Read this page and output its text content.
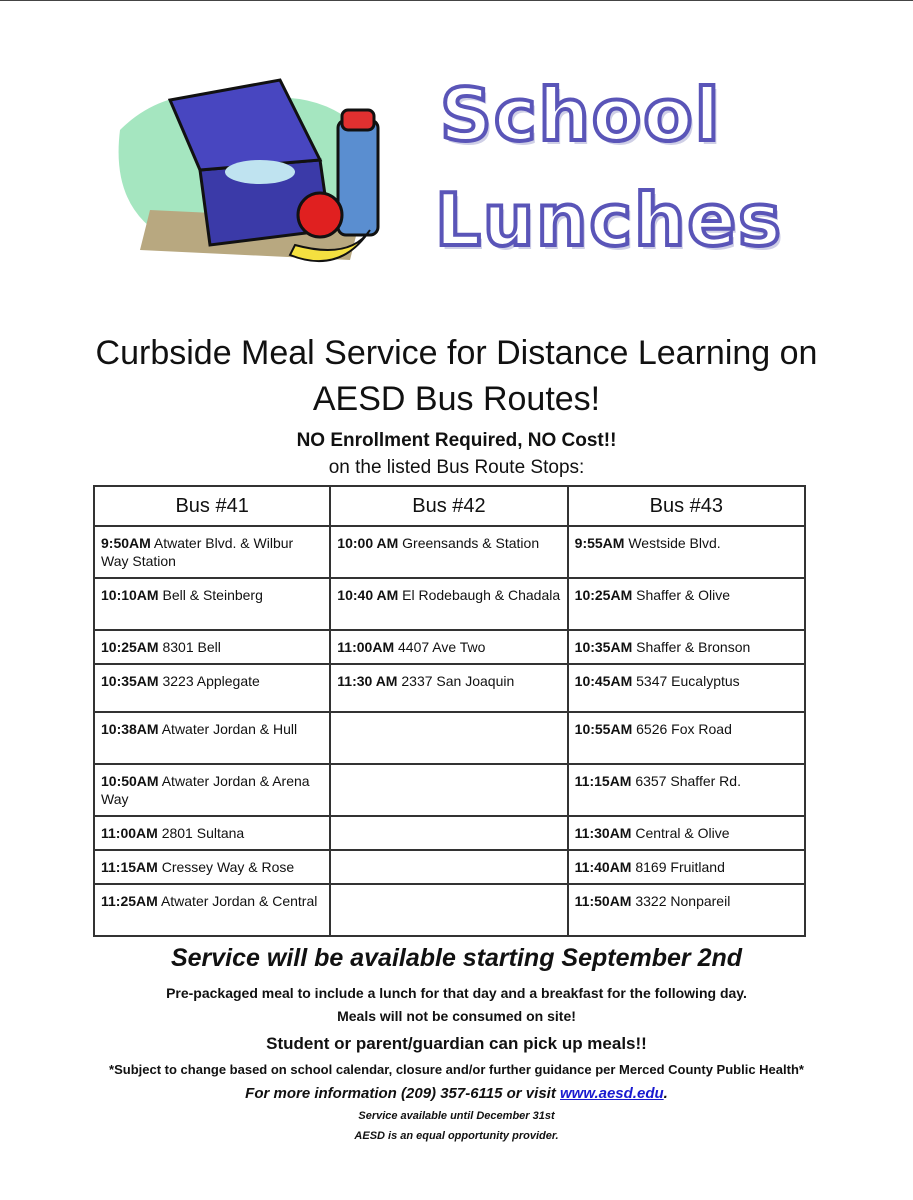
School
Lunches
Curbside Meal Service for Distance Learning on
AESD Bus Routes!
NO Enrollment Required, NO Cost!!
on the listed Bus Route Stops:
Bus #41	Bus #42	Bus #43
9:50AM Atwater Blvd. & Wilbur Way Station	10:00 AM Greensands & Station	9:55AM Westside Blvd.
10:10AM Bell & Steinberg	10:40 AM El Rodebaugh & Chadala	10:25AM Shaffer & Olive
10:25AM 8301 Bell	11:00AM 4407 Ave Two	10:35AM Shaffer & Bronson
10:35AM 3223 Applegate	11:30 AM 2337 San Joaquin	10:45AM 5347 Eucalyptus
10:38AM Atwater Jordan & Hull		10:55AM 6526 Fox Road
10:50AM Atwater Jordan & Arena Way		11:15AM 6357 Shaffer Rd.
11:00AM 2801 Sultana		11:30AM Central & Olive
11:15AM Cressey Way & Rose		11:40AM 8169 Fruitland
11:25AM Atwater Jordan & Central		11:50AM 3322 Nonpareil
Service will be available starting September 2nd
Pre-packaged meal to include a lunch for that day and a breakfast for the following day.
Meals will not be consumed on site!
Student or parent/guardian can pick up meals!!
*Subject to change based on school calendar, closure and/or further guidance per Merced County Public Health*
For more information (209) 357-6115 or visit www.aesd.edu.
Service available until December 31st
AESD is an equal opportunity provider.
